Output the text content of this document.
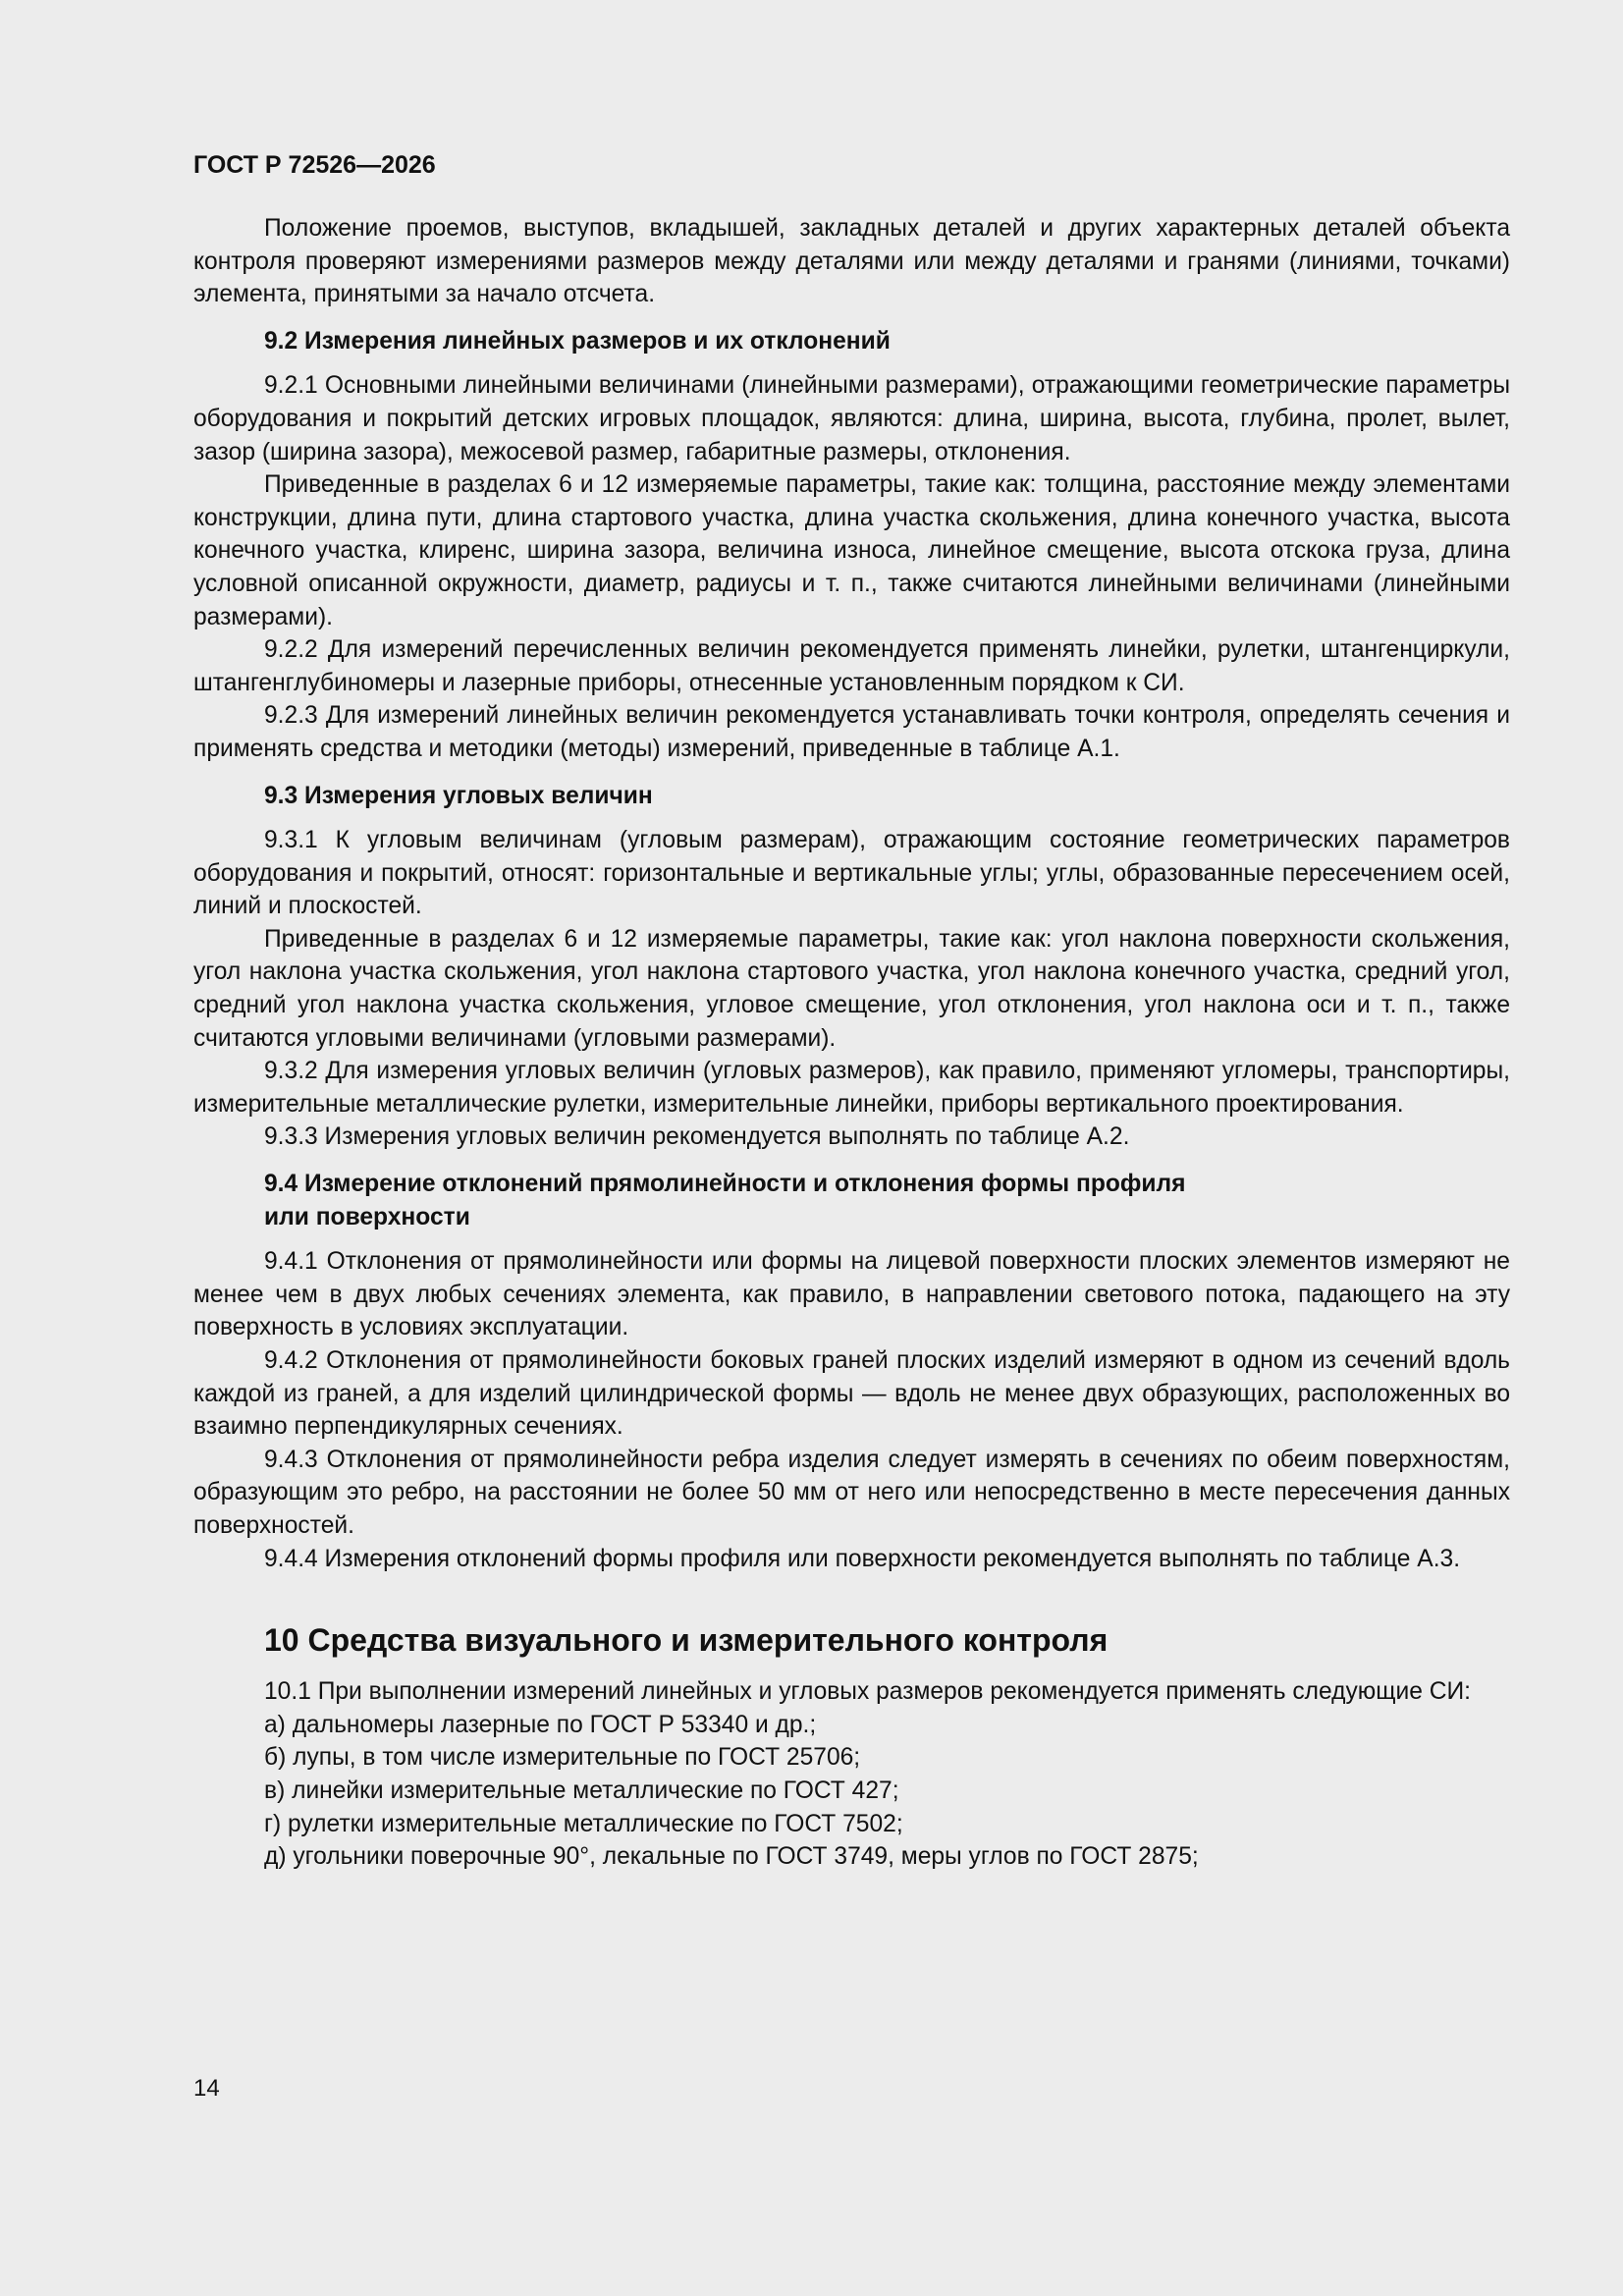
ГОСТ Р 72526—2026

Положение проемов, выступов, вкладышей, закладных деталей и других характерных деталей объекта контроля проверяют измерениями размеров между деталями или между деталями и гранями (линиями, точками) элемента, принятыми за начало отсчета.

9.2 Измерения линейных размеров и их отклонений

9.2.1 Основными линейными величинами (линейными размерами), отражающими геометрические параметры оборудования и покрытий детских игровых площадок, являются: длина, ширина, высота, глубина, пролет, вылет, зазор (ширина зазора), межосевой размер, габаритные размеры, отклонения.

Приведенные в разделах 6 и 12 измеряемые параметры, такие как: толщина, расстояние между элементами конструкции, длина пути, длина стартового участка, длина участка скольжения, длина конечного участка, высота конечного участка, клиренс, ширина зазора, величина износа, линейное смещение, высота отскока груза, длина условной описанной окружности, диаметр, радиусы и т. п., также считаются линейными величинами (линейными размерами).

9.2.2 Для измерений перечисленных величин рекомендуется применять линейки, рулетки, штангенциркули, штангенглубиномеры и лазерные приборы, отнесенные установленным порядком к СИ.

9.2.3 Для измерений линейных величин рекомендуется устанавливать точки контроля, определять сечения и применять средства и методики (методы) измерений, приведенные в таблице А.1.

9.3 Измерения угловых величин

9.3.1 К угловым величинам (угловым размерам), отражающим состояние геометрических параметров оборудования и покрытий, относят: горизонтальные и вертикальные углы; углы, образованные пересечением осей, линий и плоскостей.

Приведенные в разделах 6 и 12 измеряемые параметры, такие как: угол наклона поверхности скольжения, угол наклона участка скольжения, угол наклона стартового участка, угол наклона конечного участка, средний угол, средний угол наклона участка скольжения, угловое смещение, угол отклонения, угол наклона оси и т. п., также считаются угловыми величинами (угловыми размерами).

9.3.2 Для измерения угловых величин (угловых размеров), как правило, применяют угломеры, транспортиры, измерительные металлические рулетки, измерительные линейки, приборы вертикального проектирования.

9.3.3 Измерения угловых величин рекомендуется выполнять по таблице А.2.

9.4 Измерение отклонений прямолинейности и отклонения формы профиля
или поверхности

9.4.1 Отклонения от прямолинейности или формы на лицевой поверхности плоских элементов измеряют не менее чем в двух любых сечениях элемента, как правило, в направлении светового потока, падающего на эту поверхность в условиях эксплуатации.

9.4.2 Отклонения от прямолинейности боковых граней плоских изделий измеряют в одном из сечений вдоль каждой из граней, а для изделий цилиндрической формы — вдоль не менее двух образующих, расположенных во взаимно перпендикулярных сечениях.

9.4.3 Отклонения от прямолинейности ребра изделия следует измерять в сечениях по обеим поверхностям, образующим это ребро, на расстоянии не более 50 мм от него или непосредственно в месте пересечения данных поверхностей.

9.4.4 Измерения отклонений формы профиля или поверхности рекомендуется выполнять по таблице А.3.

10 Средства визуального и измерительного контроля

10.1 При выполнении измерений линейных и угловых размеров рекомендуется применять следующие СИ:

а) дальномеры лазерные по ГОСТ Р 53340 и др.;

б) лупы, в том числе измерительные по ГОСТ 25706;

в) линейки измерительные металлические по ГОСТ 427;

г) рулетки измерительные металлические по ГОСТ 7502;

д) угольники поверочные 90°, лекальные по ГОСТ 3749, меры углов по ГОСТ 2875;

14
